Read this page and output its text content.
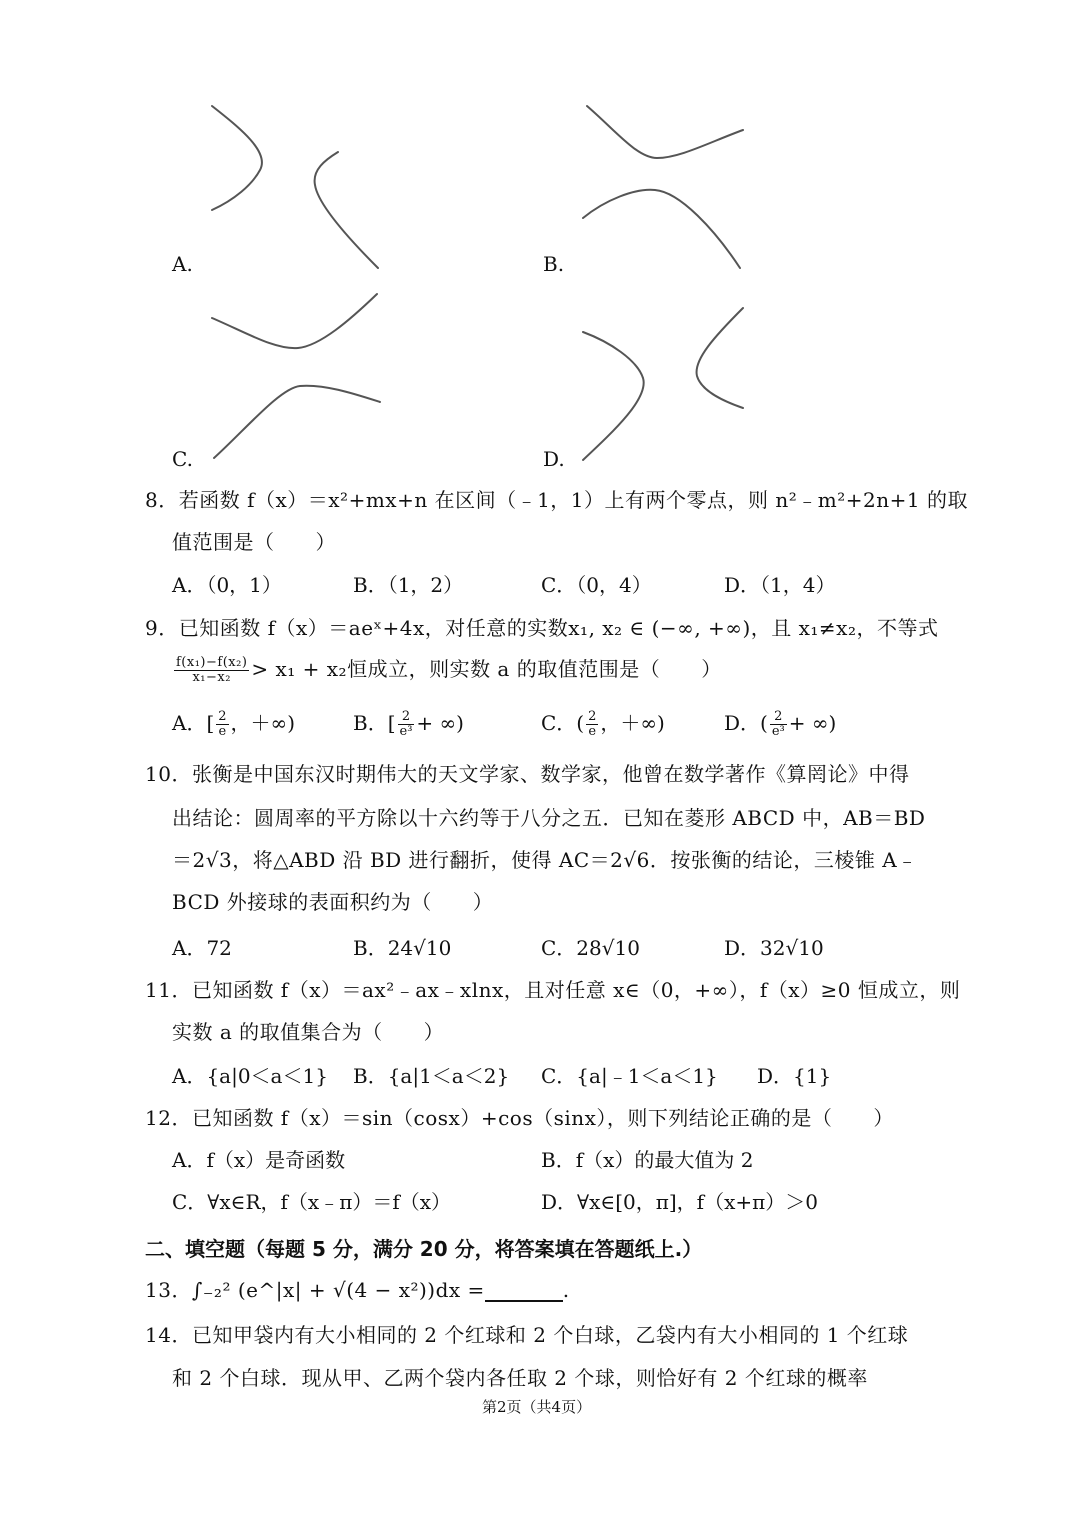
A.	B.
C.	D.
8．若函数 f（x）＝x²+mx+n 在区间（﹣1，1）上有两个零点，则 n²﹣m²+2n+1 的取
值范围是（　　）
A．（0，1）	B．（1，2）	C．（0，4）	D．（1，4）
9．已知函数 f（x）＝aeˣ+4x，对任意的实数x₁, x₂ ∈ (−∞, +∞)，且 x₁≠x₂，不等式
$\frac{\text{f(x₁)−f(x₂)}}{\text{x₁−x₂}} > x_1 + x_2$恒成立，则实数 a 的取值范围是（　　）
A．[ $\frac{2}{e}$ ，＋∞)	B．[ $\frac{2}{\text{e³}}$ + ∞)	C．( $\frac{2}{e}$ ，＋∞)	D．( $\frac{2}{\text{e³}}$ + ∞)
10．张衡是中国东汉时期伟大的天文学家、数学家，他曾在数学著作《算罔论》中得
出结论：圆周率的平方除以十六约等于八分之五．已知在菱形 ABCD 中，AB＝BD
＝2√3，将△ABD 沿 BD 进行翻折，使得 AC＝2√6．按张衡的结论，三棱锥 A﹣
BCD 外接球的表面积约为（　　）
A．72	B．24√10	C．28√10	D．32√10
11．已知函数 f（x）＝ax²﹣ax﹣xlnx，且对任意 x∈（0，+∞），f（x）≥0 恒成立，则
实数 a 的取值集合为（　　）
A．{a|0＜a＜1} B．{a|1＜a＜2} C．{a|﹣1＜a＜1} D．{1}
12．已知函数 f（x）＝sin（cosx）+cos（sinx），则下列结论正确的是（　　）
A．f（x）是奇函数	B．f（x）的最大值为 2
C．∀x∈R，f（x﹣π）＝f（x）	D．∀x∈[0，π]，f（x+π）＞0
二、填空题（每题 5 分，满分 20 分，将答案填在答题纸上.）
13．∫₋₂² (e^|x| + √(4 − x²))dx =	.
14．已知甲袋内有大小相同的 2 个红球和 2 个白球，乙袋内有大小相同的 1 个红球
和 2 个白球．现从甲、乙两个袋内各任取 2 个球，则恰好有 2 个红球的概率
第2页（共4页）
